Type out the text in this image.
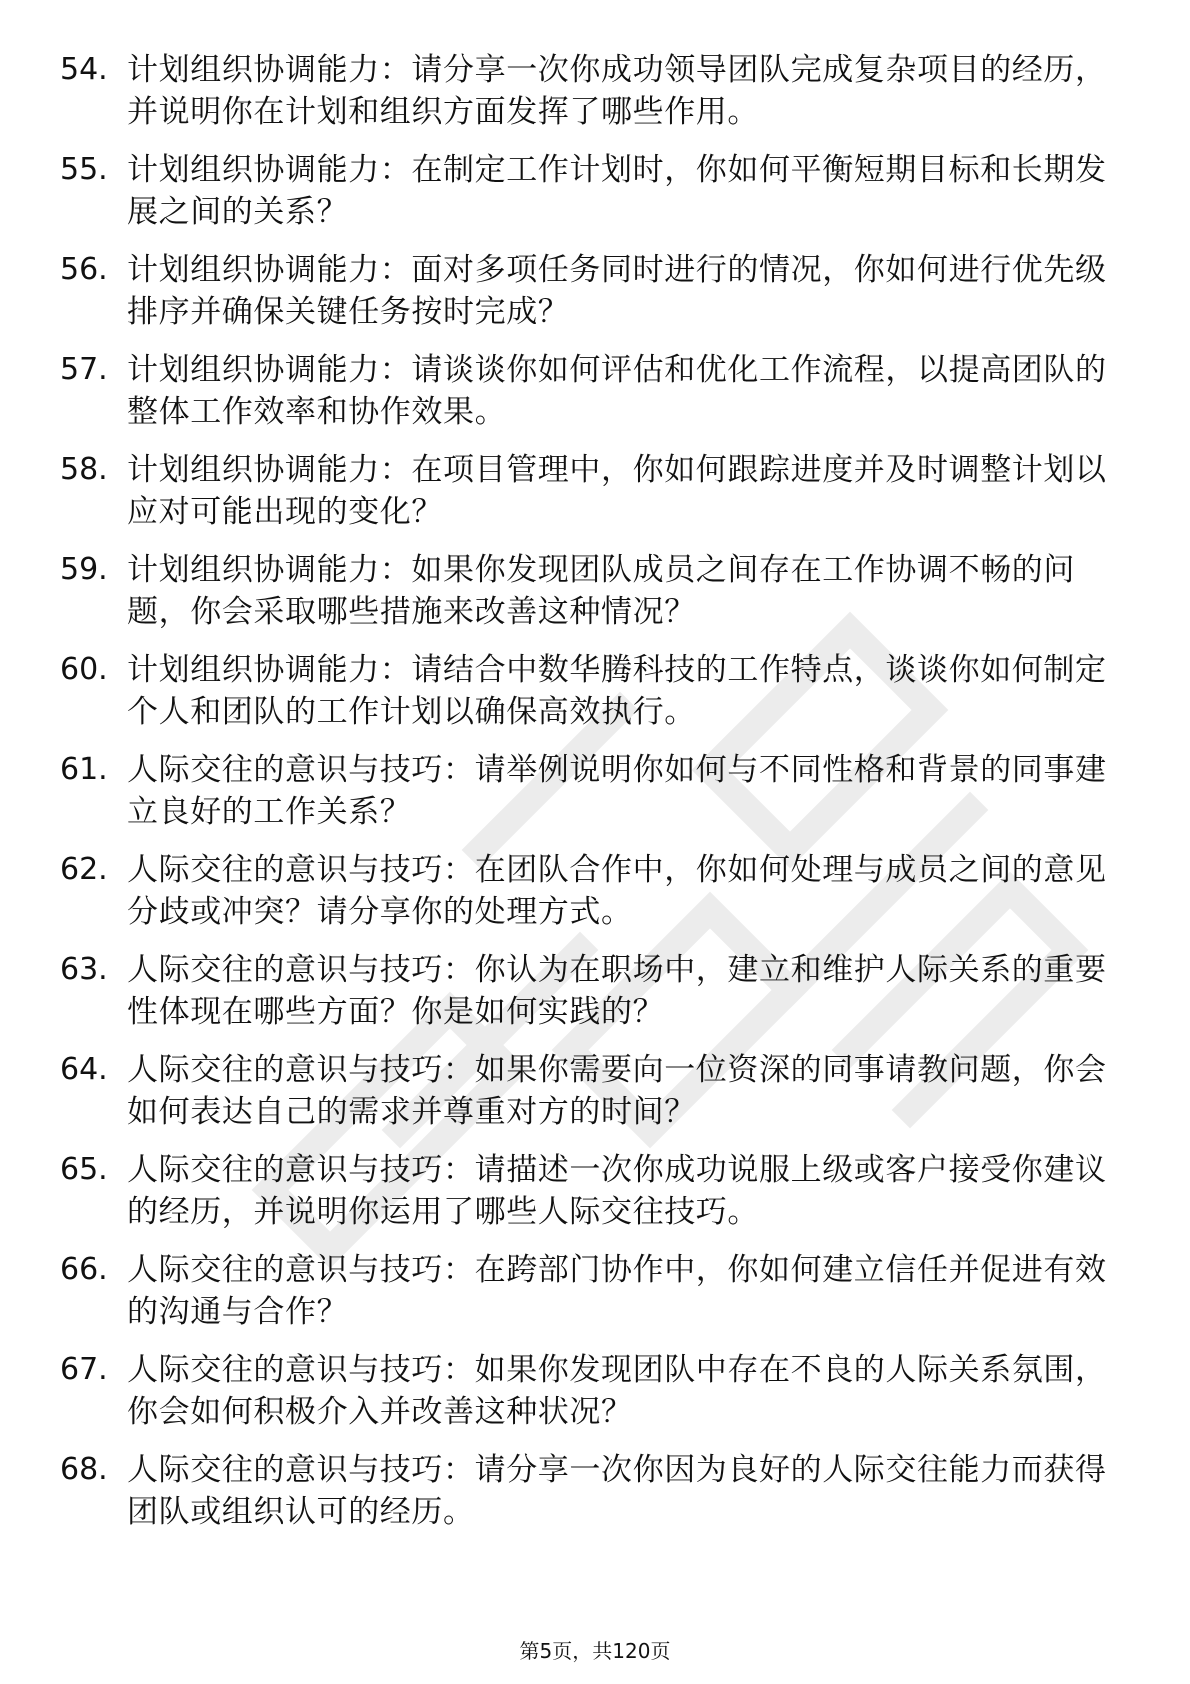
54. 计划组织协调能力：请分享一次你成功领导团队完成复杂项目的经历，并说明你在计划和组织方面发挥了哪些作用。
55. 计划组织协调能力：在制定工作计划时，你如何平衡短期目标和长期发展之间的关系？
56. 计划组织协调能力：面对多项任务同时进行的情况，你如何进行优先级排序并确保关键任务按时完成？
57. 计划组织协调能力：请谈谈你如何评估和优化工作流程，以提高团队的整体工作效率和协作效果。
58. 计划组织协调能力：在项目管理中，你如何跟踪进度并及时调整计划以应对可能出现的变化？
59. 计划组织协调能力：如果你发现团队成员之间存在工作协调不畅的问题，你会采取哪些措施来改善这种情况？
60. 计划组织协调能力：请结合中数华腾科技的工作特点，谈谈你如何制定个人和团队的工作计划以确保高效执行。
61. 人际交往的意识与技巧：请举例说明你如何与不同性格和背景的同事建立良好的工作关系？
62. 人际交往的意识与技巧：在团队合作中，你如何处理与成员之间的意见分歧或冲突？请分享你的处理方式。
63. 人际交往的意识与技巧：你认为在职场中，建立和维护人际关系的重要性体现在哪些方面？你是如何实践的？
64. 人际交往的意识与技巧：如果你需要向一位资深的同事请教问题，你会如何表达自己的需求并尊重对方的时间？
65. 人际交往的意识与技巧：请描述一次你成功说服上级或客户接受你建议的经历，并说明你运用了哪些人际交往技巧。
66. 人际交往的意识与技巧：在跨部门协作中，你如何建立信任并促进有效的沟通与合作？
67. 人际交往的意识与技巧：如果你发现团队中存在不良的人际关系氛围，你会如何积极介入并改善这种状况？
68. 人际交往的意识与技巧：请分享一次你因为良好的人际交往能力而获得团队或组织认可的经历。
第5页，共120页
